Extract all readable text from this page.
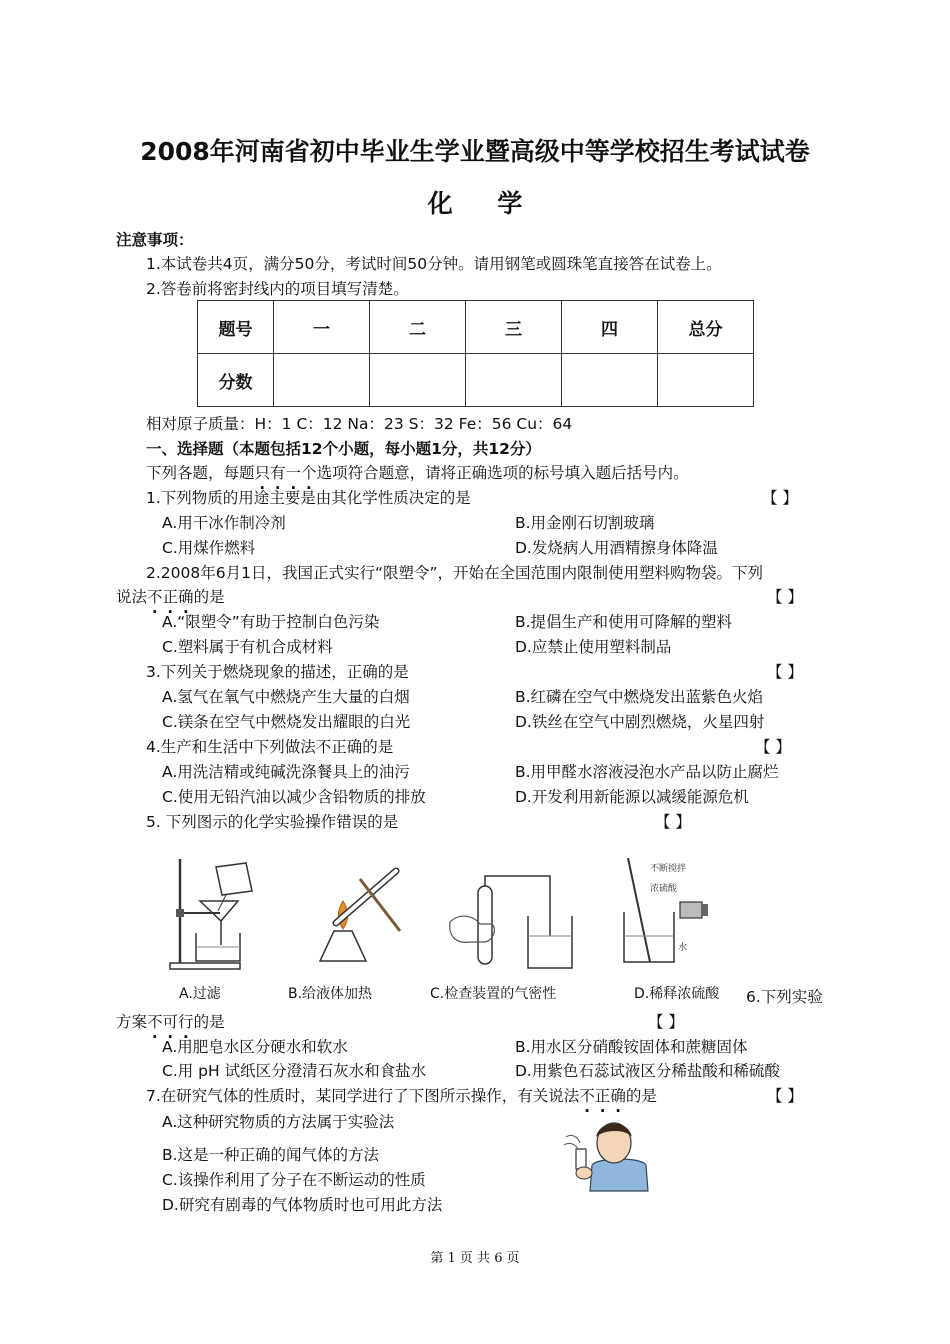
2008年河南省初中毕业生学业暨高级中等学校招生考试试卷
化 学
注意事项：
1.本试卷共4页，满分50分，考试时间50分钟。请用钢笔或圆珠笔直接答在试卷上。
2.答卷前将密封线内的项目填写清楚。
题号	一	二	三	四	总分
分数					
相对原子质量：H：1 C：12 Na：23 S：32 Fe：56 Cu：64
一、选择题（本题包括12个小题，每小题1分，共12分）
下列各题，每题只有一个选项符合题意，请将正确选项的标号填入题后括号内。
1.下列物质的用途主要是由其化学性质决定的是	【 】
A.用干冰作制冷剂	B.用金刚石切割玻璃
C.用煤作燃料	D.发烧病人用酒精擦身体降温
2.2008年6月1日，我国正式实行“限塑令”，开始在全国范围内限制使用塑料购物袋。下列
说法不正确的是	【 】
A.“限塑令”有助于控制白色污染	B.提倡生产和使用可降解的塑料
C.塑料属于有机合成材料	D.应禁止使用塑料制品
3.下列关于燃烧现象的描述，正确的是	【 】
A.氢气在氧气中燃烧产生大量的白烟	B.红磷在空气中燃烧发出蓝紫色火焰
C.镁条在空气中燃烧发出耀眼的白光	D.铁丝在空气中剧烈燃烧，火星四射
4.生产和生活中下列做法不正确的是	【 】
A.用洗洁精或纯碱洗涤餐具上的油污	B.用甲醛水溶液浸泡水产品以防止腐烂
C.使用无铅汽油以减少含铅物质的排放	D.开发利用新能源以减缓能源危机
5. 下列图示的化学实验操作错误的是	【 】
不断搅拌
浓硫酸
水
A.过滤	B.给液体加热	C.检查装置的气密性	D.稀释浓硫酸 6.下列实验
方案不可行的是	【 】
A.用肥皂水区分硬水和软水	B.用水区分硝酸铵固体和蔗糖固体
C.用 pH 试纸区分澄清石灰水和食盐水	D.用紫色石蕊试液区分稀盐酸和稀硫酸
7.在研究气体的性质时，某同学进行了下图所示操作，有关说法不正确的是	【 】
A.这种研究物质的方法属于实验法
B.这是一种正确的闻气体的方法
C.该操作利用了分子在不断运动的性质
D.研究有剧毒的气体物质时也可用此方法
第 1 页 共 6 页
